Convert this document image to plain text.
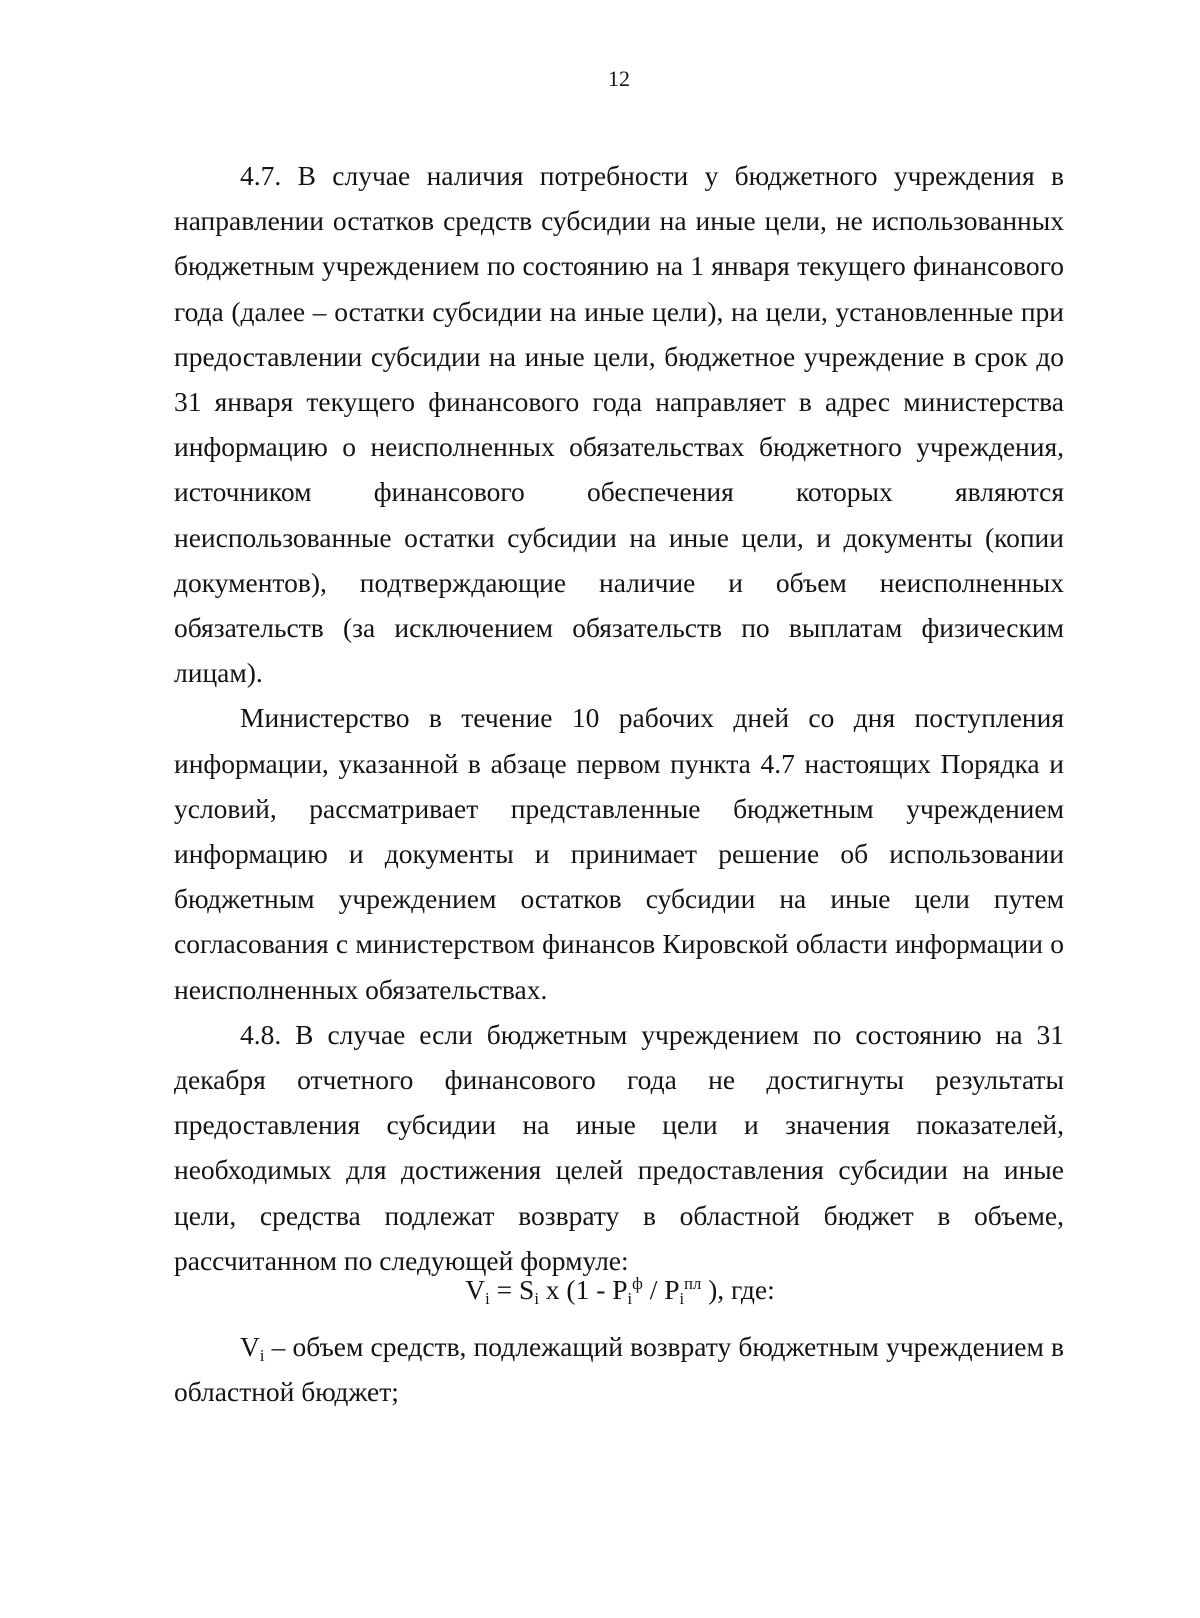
12

4.7. В случае наличия потребности у бюджетного учреждения в направлении остатков средств субсидии на иные цели, не использованных бюджетным учреждением по состоянию на 1 января текущего финансового года (далее – остатки субсидии на иные цели), на цели, установленные при предоставлении субсидии на иные цели, бюджетное учреждение в срок до 31 января текущего финансового года направляет в адрес министерства информацию о неисполненных обязательствах бюджетного учреждения, источником финансового обеспечения которых являются неиспользованные остатки субсидии на иные цели, и документы (копии документов), подтверждающие наличие и объем неисполненных обязательств (за исключением обязательств по выплатам физическим лицам).

Министерство в течение 10 рабочих дней со дня поступления информации, указанной в абзаце первом пункта 4.7 настоящих Порядка и условий, рассматривает представленные бюджетным учреждением информацию и документы и принимает решение об использовании бюджетным учреждением остатков субсидии на иные цели путем согласования с министерством финансов Кировской области информации о неисполненных обязательствах.

4.8. В случае если бюджетным учреждением по состоянию на 31 декабря отчетного финансового года не достигнуты результаты предоставления субсидии на иные цели и значения показателей, необходимых для достижения целей предоставления субсидии на иные цели, средства подлежат возврату в областной бюджет в объеме, рассчитанном по следующей формуле:

$V_i = S_i$ x ($1 - P_i^ф / P_i^{пл}$ ), где:

$V_i$ – объем средств, подлежащий возврату бюджетным учреждением в областной бюджет;
